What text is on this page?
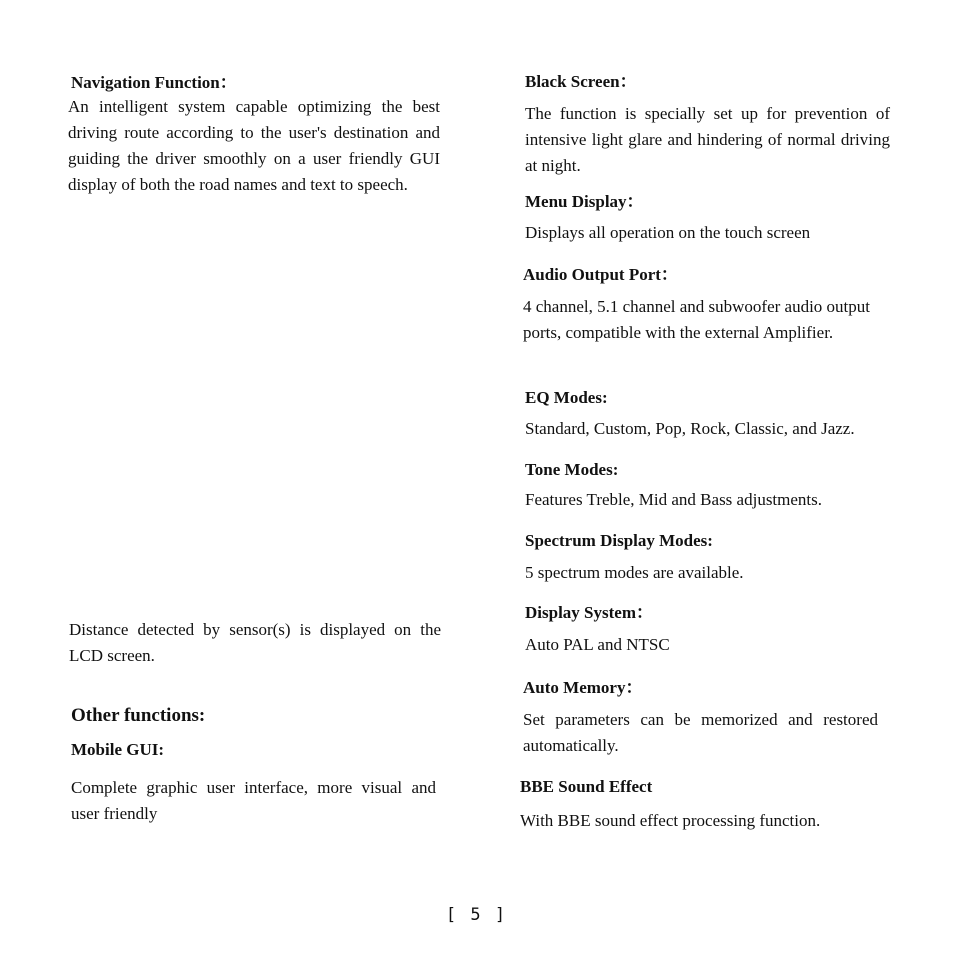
Navigation Function：
An intelligent system capable optimizing the best driving route according to the user's destination and guiding the driver smoothly on a user friendly GUI display of both the road names and text to speech.
Distance detected by sensor(s) is displayed on the LCD screen.
Other functions:
Mobile GUI:
Complete graphic user interface, more visual and user friendly
Black Screen：
The function is specially set up for prevention of intensive light glare and hindering of normal driving at night.
Menu Display：
Displays all operation on the touch screen
Audio Output Port：
4 channel, 5.1 channel and subwoofer audio output ports, compatible with the external Amplifier.
EQ Modes:
Standard, Custom, Pop, Rock, Classic, and Jazz.
Tone Modes:
Features Treble, Mid and Bass adjustments.
Spectrum Display Modes:
5 spectrum modes are available.
Display System：
Auto PAL and NTSC
Auto Memory：
Set parameters can be memorized and restored automatically.
BBE Sound Effect
With BBE sound effect processing function.
[ 5 ]
